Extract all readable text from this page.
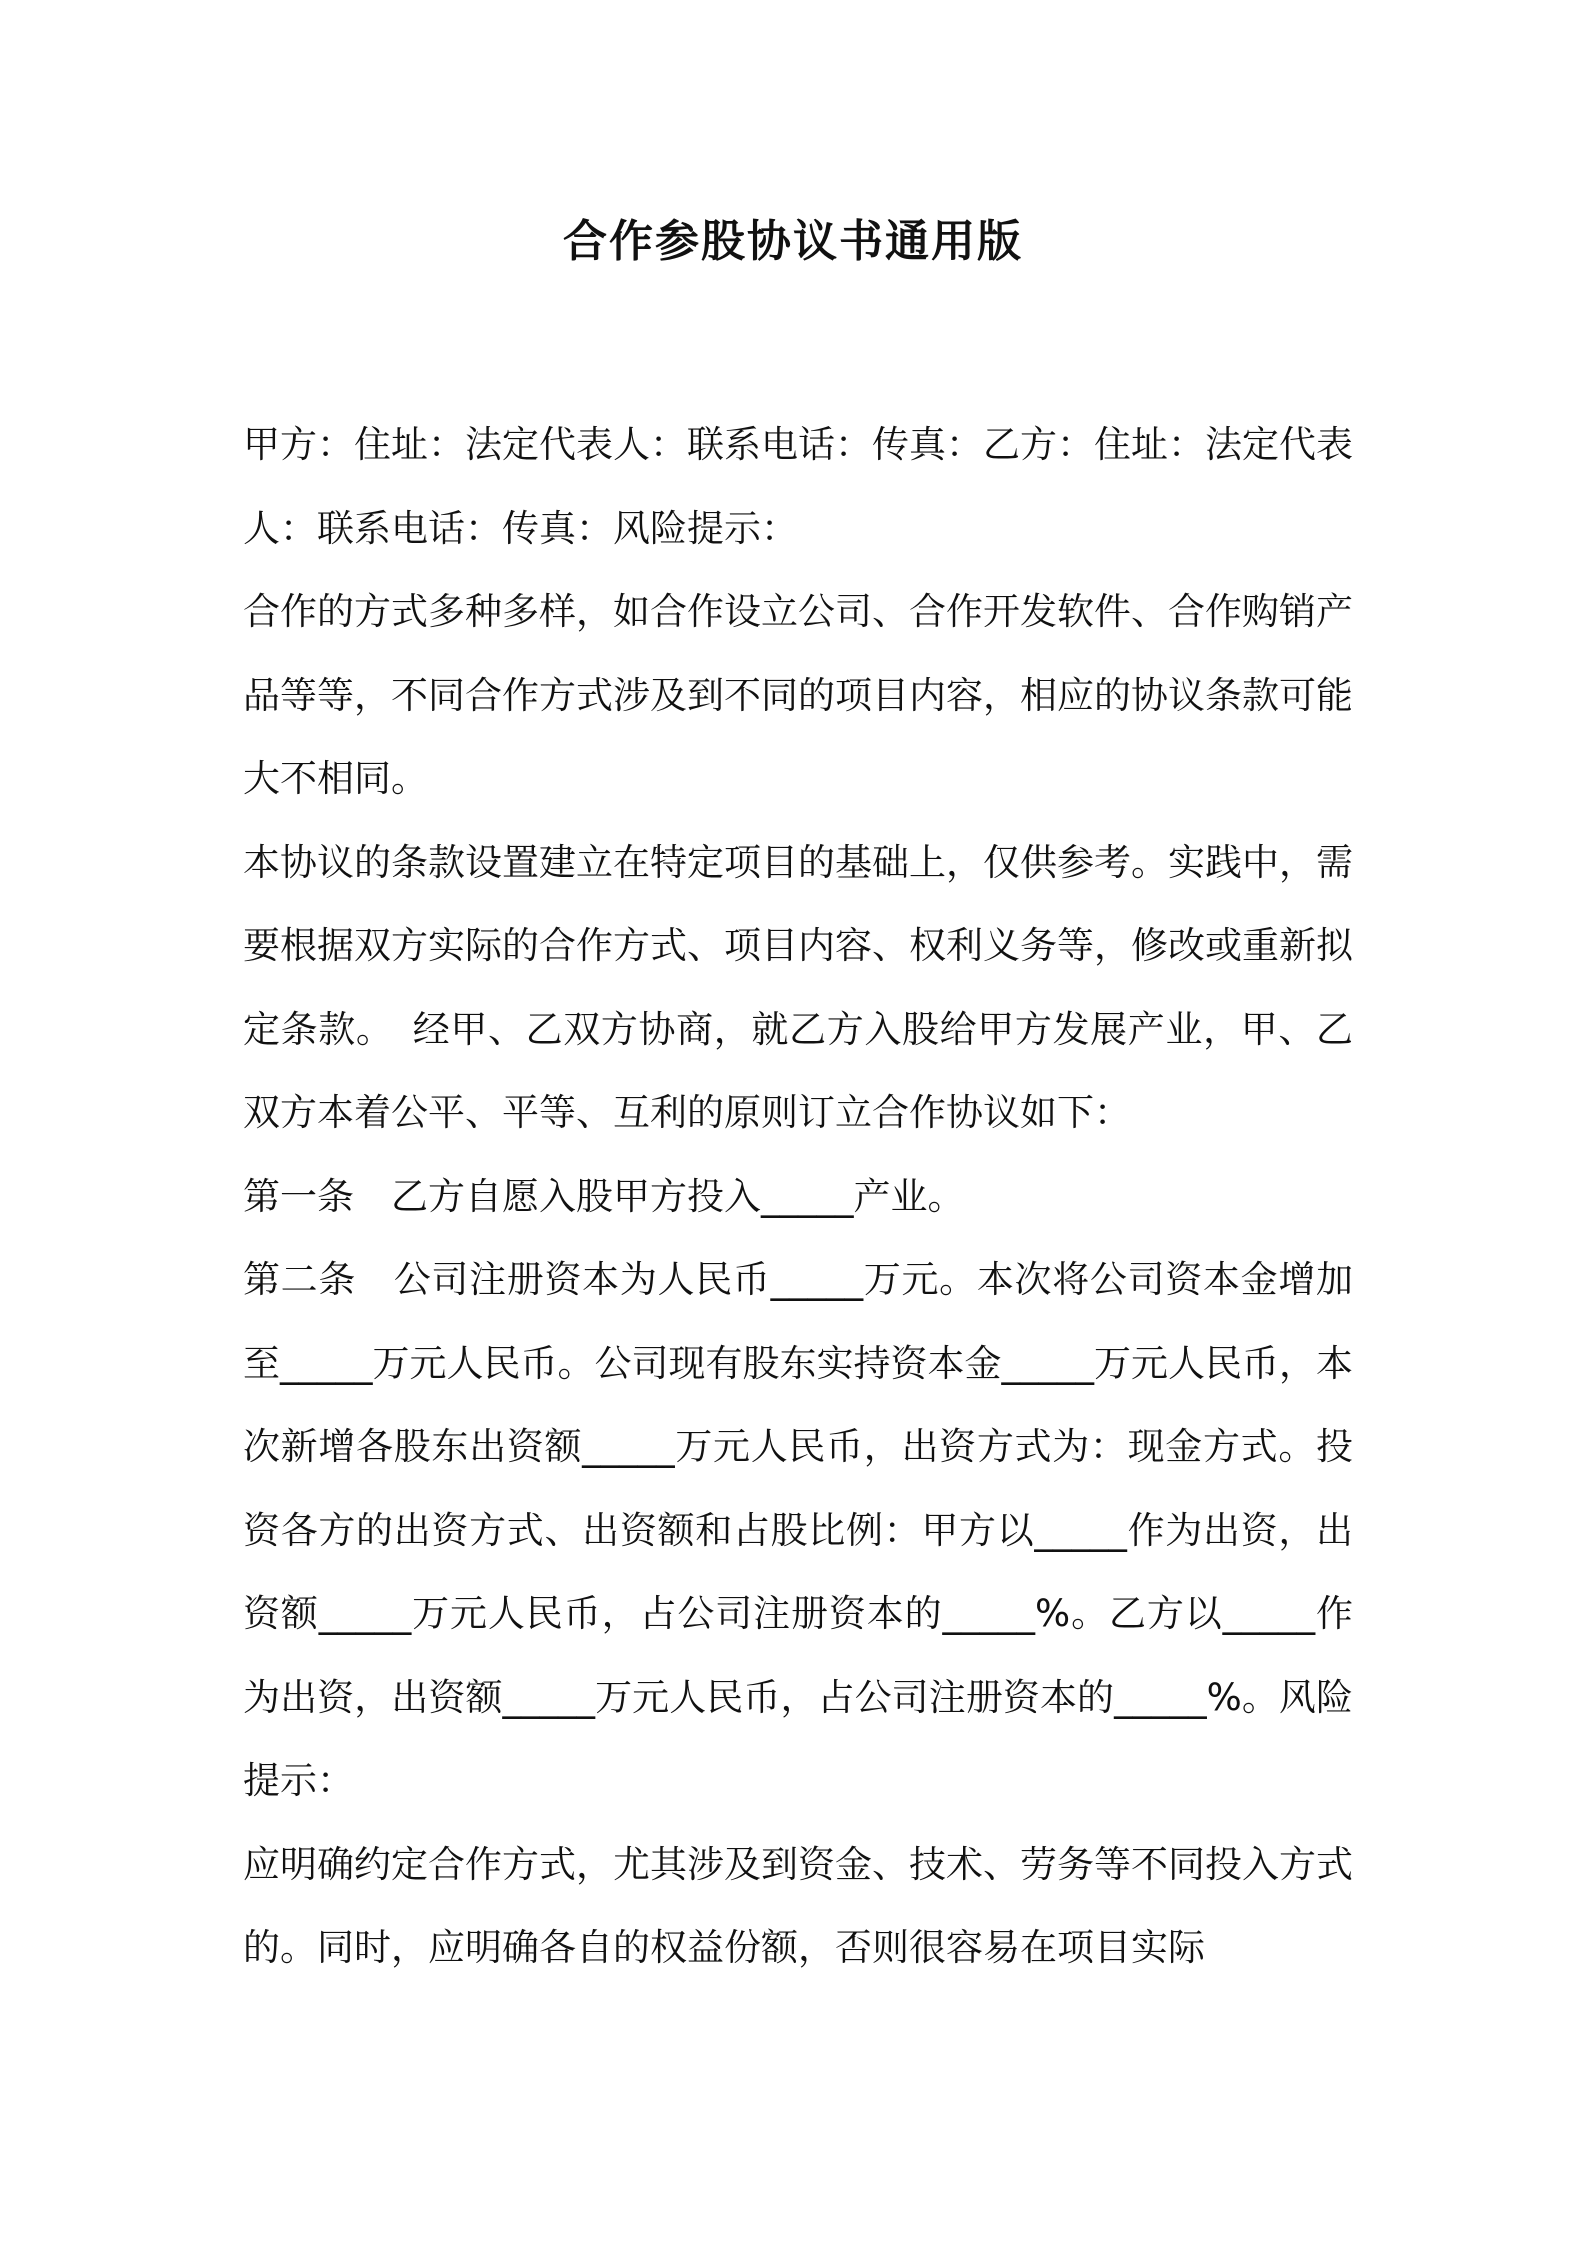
合作参股协议书通用版

甲方：住址：法定代表人：联系电话：传真：乙方：住址：法定代表人：联系电话：传真：风险提示：

合作的方式多种多样，如合作设立公司、合作开发软件、合作购销产品等等，不同合作方式涉及到不同的项目内容，相应的协议条款可能大不相同。

本协议的条款设置建立在特定项目的基础上，仅供参考。实践中，需要根据双方实际的合作方式、项目内容、权利义务等，修改或重新拟定条款。　经甲、乙双方协商，就乙方入股给甲方发展产业，甲、乙双方本着公平、平等、互利的原则订立合作协议如下：

第一条　乙方自愿入股甲方投入_____产业。

第二条　公司注册资本为人民币_____万元。本次将公司资本金增加至_____万元人民币。公司现有股东实持资本金_____万元人民币，本次新增各股东出资额_____万元人民币，出资方式为：现金方式。投资各方的出资方式、出资额和占股比例：甲方以_____作为出资，出资额_____万元人民币，占公司注册资本的_____%。乙方以_____作为出资，出资额_____万元人民币，占公司注册资本的_____%。风险提示：

应明确约定合作方式，尤其涉及到资金、技术、劳务等不同投入方式的。同时，应明确各自的权益份额，否则很容易在项目实际
